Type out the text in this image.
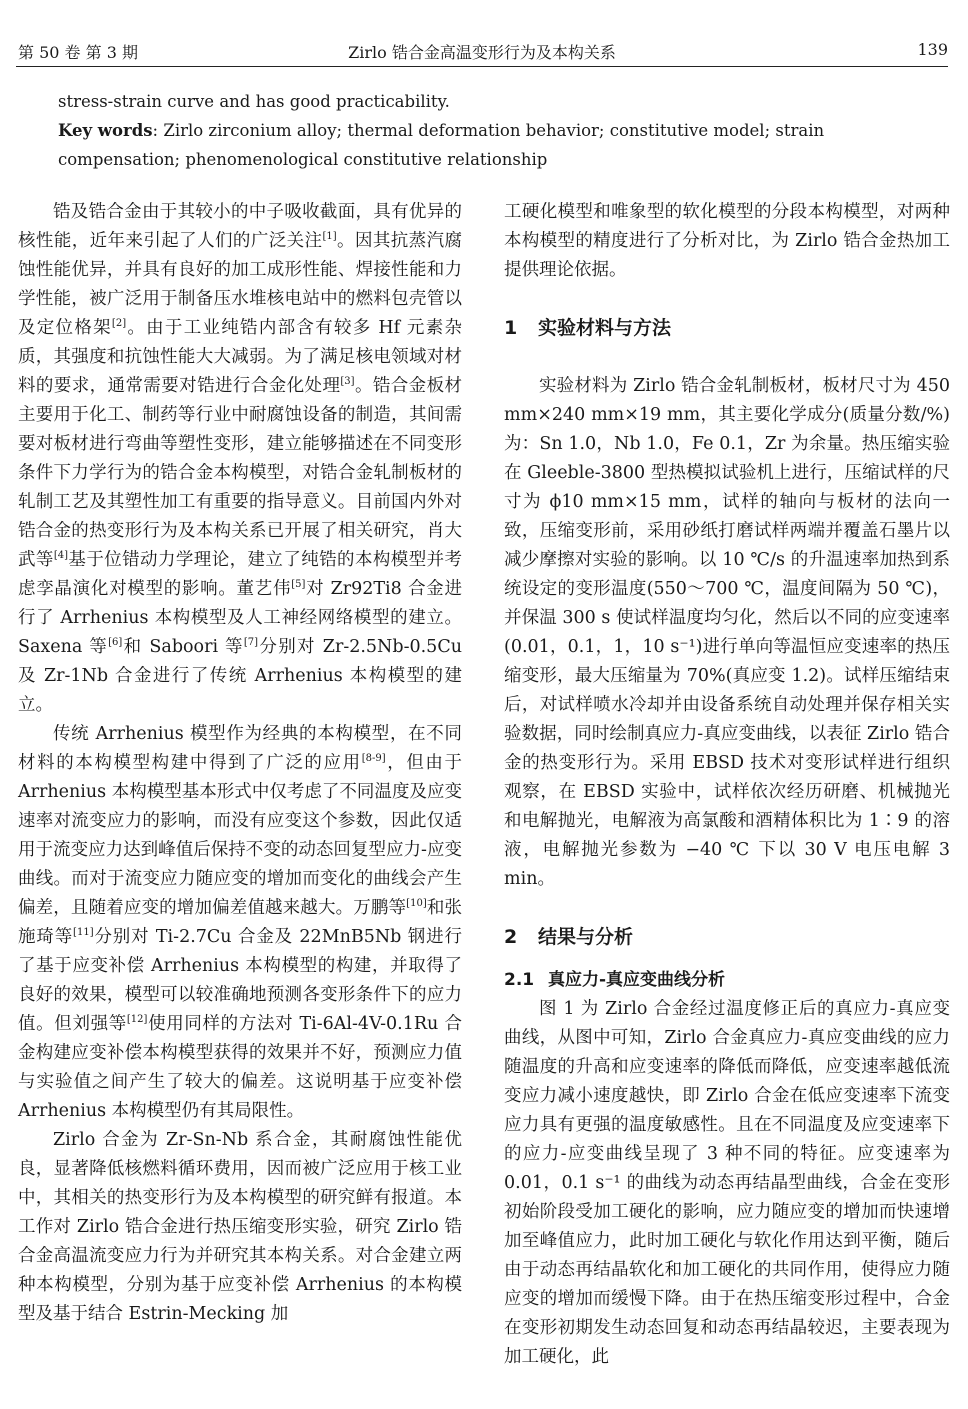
第 50 卷 第 3 期	Zirlo 锆合金高温变形行为及本构关系	139

stress-strain curve and has good practicability.

Key words: Zirlo zirconium alloy; thermal deformation behavior; constitutive model; strain compensation; phenomenological constitutive relationship

锆及锆合金由于其较小的中子吸收截面，具有优异的核性能，近年来引起了人们的广泛关注[1]。因其抗蒸汽腐蚀性能优异，并具有良好的加工成形性能、焊接性能和力学性能，被广泛用于制备压水堆核电站中的燃料包壳管以及定位格架[2]。由于工业纯锆内部含有较多 Hf 元素杂质，其强度和抗蚀性能大大减弱。为了满足核电领域对材料的要求，通常需要对锆进行合金化处理[3]。锆合金板材主要用于化工、制药等行业中耐腐蚀设备的制造，其间需要对板材进行弯曲等塑性变形，建立能够描述在不同变形条件下力学行为的锆合金本构模型，对锆合金轧制板材的轧制工艺及其塑性加工有重要的指导意义。目前国内外对锆合金的热变形行为及本构关系已开展了相关研究，肖大武等[4]基于位错动力学理论，建立了纯锆的本构模型并考虑孪晶演化对模型的影响。董艺伟[5]对 Zr92Ti8 合金进行了 Arrhenius 本构模型及人工神经网络模型的建立。Saxena 等[6]和 Saboori 等[7]分别对 Zr-2.5Nb-0.5Cu 及 Zr-1Nb 合金进行了传统 Arrhenius 本构模型的建立。

传统 Arrhenius 模型作为经典的本构模型，在不同材料的本构模型构建中得到了广泛的应用[8-9]，但由于 Arrhenius 本构模型基本形式中仅考虑了不同温度及应变速率对流变应力的影响，而没有应变这个参数，因此仅适用于流变应力达到峰值后保持不变的动态回复型应力-应变曲线。而对于流变应力随应变的增加而变化的曲线会产生偏差，且随着应变的增加偏差值越来越大。万鹏等[10]和张施琦等[11]分别对 Ti-2.7Cu 合金及 22MnB5Nb 钢进行了基于应变补偿 Arrhenius 本构模型的构建，并取得了良好的效果，模型可以较准确地预测各变形条件下的应力值。但刘强等[12]使用同样的方法对 Ti-6Al-4V-0.1Ru 合金构建应变补偿本构模型获得的效果并不好，预测应力值与实验值之间产生了较大的偏差。这说明基于应变补偿 Arrhenius 本构模型仍有其局限性。

Zirlo 合金为 Zr-Sn-Nb 系合金，其耐腐蚀性能优良，显著降低核燃料循环费用，因而被广泛应用于核工业中，其相关的热变形行为及本构模型的研究鲜有报道。本工作对 Zirlo 锆合金进行热压缩变形实验，研究 Zirlo 锆合金高温流变应力行为并研究其本构关系。对合金建立两种本构模型，分别为基于应变补偿 Arrhenius 的本构模型及基于结合 Estrin-Mecking 加

工硬化模型和唯象型的软化模型的分段本构模型，对两种本构模型的精度进行了分析对比，为 Zirlo 锆合金热加工提供理论依据。

1 实验材料与方法

实验材料为 Zirlo 锆合金轧制板材，板材尺寸为 450 mm×240 mm×19 mm，其主要化学成分(质量分数/%)为：Sn 1.0，Nb 1.0，Fe 0.1，Zr 为余量。热压缩实验在 Gleeble-3800 型热模拟试验机上进行，压缩试样的尺寸为 ϕ10 mm×15 mm，试样的轴向与板材的法向一致，压缩变形前，采用砂纸打磨试样两端并覆盖石墨片以减少摩擦对实验的影响。以 10 ℃/s 的升温速率加热到系统设定的变形温度(550～700 ℃，温度间隔为 50 ℃)，并保温 300 s 使试样温度均匀化，然后以不同的应变速率(0.01，0.1，1，10 s⁻¹)进行单向等温恒应变速率的热压缩变形，最大压缩量为 70%(真应变 1.2)。试样压缩结束后，对试样喷水冷却并由设备系统自动处理并保存相关实验数据，同时绘制真应力-真应变曲线，以表征 Zirlo 锆合金的热变形行为。采用 EBSD 技术对变形试样进行组织观察，在 EBSD 实验中，试样依次经历研磨、机械抛光和电解抛光，电解液为高氯酸和酒精体积比为 1∶9 的溶液，电解抛光参数为 −40 ℃ 下以 30 V 电压电解 3 min。

2 结果与分析
2.1 真应力-真应变曲线分析

图 1 为 Zirlo 合金经过温度修正后的真应力-真应变曲线，从图中可知，Zirlo 合金真应力-真应变曲线的应力随温度的升高和应变速率的降低而降低，应变速率越低流变应力减小速度越快，即 Zirlo 合金在低应变速率下流变应力具有更强的温度敏感性。且在不同温度及应变速率下的应力-应变曲线呈现了 3 种不同的特征。应变速率为 0.01，0.1 s⁻¹ 的曲线为动态再结晶型曲线，合金在变形初始阶段受加工硬化的影响，应力随应变的增加而快速增加至峰值应力，此时加工硬化与软化作用达到平衡，随后由于动态再结晶软化和加工硬化的共同作用，使得应力随应变的增加而缓慢下降。由于在热压缩变形过程中，合金在变形初期发生动态回复和动态再结晶较迟，主要表现为加工硬化，此
